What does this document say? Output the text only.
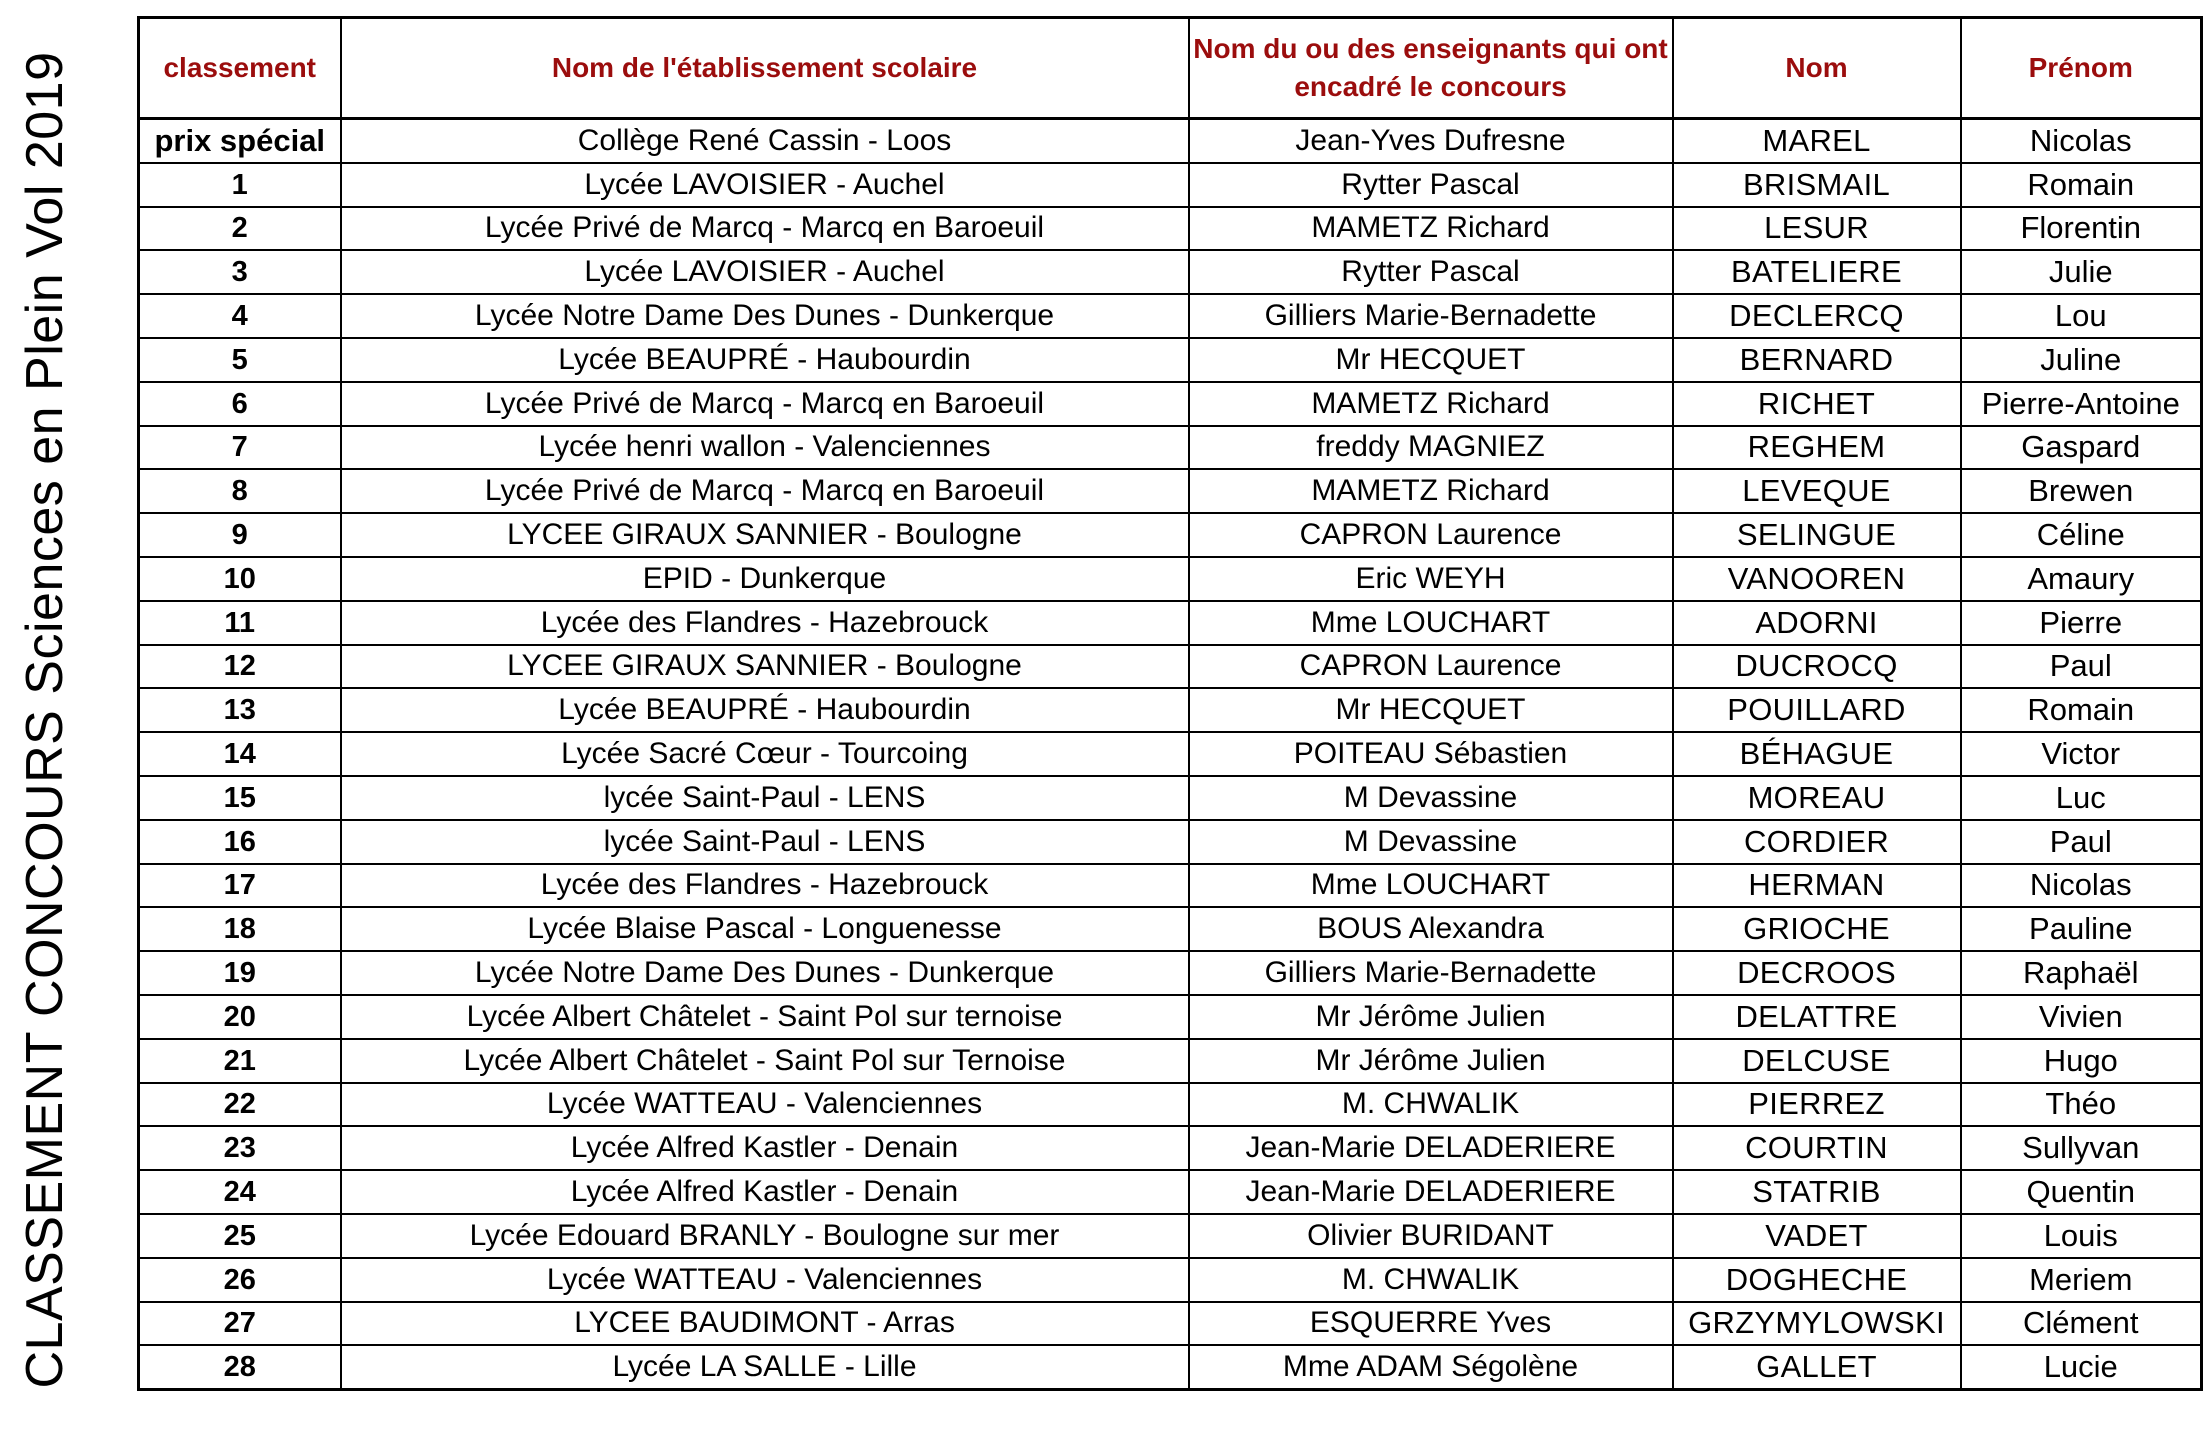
CLASSEMENT CONCOURS Sciences en Plein Vol 2019	classement	Nom de l'établissement scolaire	Nom du ou des enseignants qui ont encadré le concours	Nom	Prénom
prix spécial	Collège René Cassin - Loos	Jean-Yves Dufresne	MAREL	Nicolas
1	Lycée LAVOISIER - Auchel	Rytter Pascal	BRISMAIL	Romain
2	Lycée Privé de Marcq - Marcq en Baroeuil	MAMETZ Richard	LESUR	Florentin
3	Lycée LAVOISIER - Auchel	Rytter Pascal	BATELIERE	Julie
4	Lycée Notre Dame Des Dunes - Dunkerque	Gilliers Marie-Bernadette	DECLERCQ	Lou
5	Lycée BEAUPRÉ - Haubourdin	Mr HECQUET	BERNARD	Juline
6	Lycée Privé de Marcq - Marcq en Baroeuil	MAMETZ Richard	RICHET	Pierre-Antoine
7	Lycée henri wallon - Valenciennes	freddy MAGNIEZ	REGHEM	Gaspard
8	Lycée Privé de Marcq - Marcq en Baroeuil	MAMETZ Richard	LEVEQUE	Brewen
9	LYCEE GIRAUX SANNIER - Boulogne	CAPRON Laurence	SELINGUE	Céline
10	EPID - Dunkerque	Eric WEYH	VANOOREN	Amaury
11	Lycée des Flandres - Hazebrouck	Mme LOUCHART	ADORNI	Pierre
12	LYCEE GIRAUX SANNIER - Boulogne	CAPRON Laurence	DUCROCQ	Paul
13	Lycée BEAUPRÉ - Haubourdin	Mr HECQUET	POUILLARD	Romain
14	Lycée Sacré Cœur - Tourcoing	POITEAU Sébastien	BÉHAGUE	Victor
15	lycée Saint-Paul - LENS	M Devassine	MOREAU	Luc
16	lycée Saint-Paul - LENS	M Devassine	CORDIER	Paul
17	Lycée des Flandres - Hazebrouck	Mme LOUCHART	HERMAN	Nicolas
18	Lycée Blaise Pascal - Longuenesse	BOUS Alexandra	GRIOCHE	Pauline
19	Lycée Notre Dame Des Dunes - Dunkerque	Gilliers Marie-Bernadette	DECROOS	Raphaël
20	Lycée Albert Châtelet - Saint Pol sur ternoise	Mr Jérôme Julien	DELATTRE	Vivien
21	Lycée Albert Châtelet - Saint Pol sur Ternoise	Mr Jérôme Julien	DELCUSE	Hugo
22	Lycée WATTEAU - Valenciennes	M. CHWALIK	PIERREZ	Théo
23	Lycée Alfred Kastler - Denain	Jean-Marie DELADERIERE	COURTIN	Sullyvan
24	Lycée Alfred Kastler - Denain	Jean-Marie DELADERIERE	STATRIB	Quentin
25	Lycée Edouard BRANLY - Boulogne sur mer	Olivier BURIDANT	VADET	Louis
26	Lycée WATTEAU - Valenciennes	M. CHWALIK	DOGHECHE	Meriem
27	LYCEE BAUDIMONT - Arras	ESQUERRE Yves	GRZYMYLOWSKI	Clément
28	Lycée LA SALLE - Lille	Mme ADAM Ségolène	GALLET	Lucie
